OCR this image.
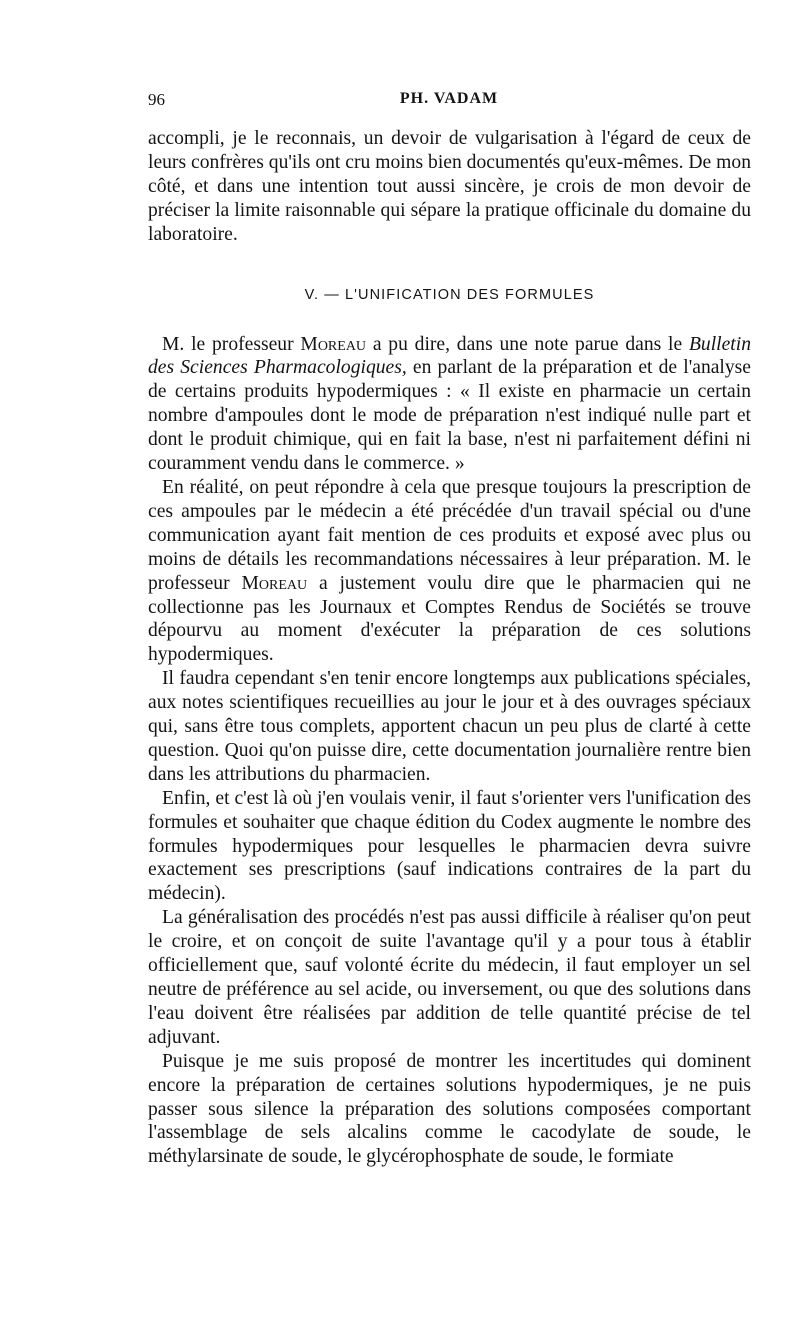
96	PH. VADAM

accompli, je le reconnais, un devoir de vulgarisation à l'égard de ceux de leurs confrères qu'ils ont cru moins bien documentés qu'eux-mêmes. De mon côté, et dans une intention tout aussi sincère, je crois de mon devoir de préciser la limite raisonnable qui sépare la pratique officinale du domaine du laboratoire.

V. — L'UNIFICATION DES FORMULES

M. le professeur Moreau a pu dire, dans une note parue dans le Bulletin des Sciences Pharmacologiques, en parlant de la préparation et de l'analyse de certains produits hypodermiques : « Il existe en pharmacie un certain nombre d'ampoules dont le mode de préparation n'est indiqué nulle part et dont le produit chimique, qui en fait la base, n'est ni parfaitement défini ni couramment vendu dans le commerce. »

En réalité, on peut répondre à cela que presque toujours la prescription de ces ampoules par le médecin a été précédée d'un travail spécial ou d'une communication ayant fait mention de ces produits et exposé avec plus ou moins de détails les recommandations nécessaires à leur préparation. M. le professeur Moreau a justement voulu dire que le pharmacien qui ne collectionne pas les Journaux et Comptes Rendus de Sociétés se trouve dépourvu au moment d'exécuter la préparation de ces solutions hypodermiques.

Il faudra cependant s'en tenir encore longtemps aux publications spéciales, aux notes scientifiques recueillies au jour le jour et à des ouvrages spéciaux qui, sans être tous complets, apportent chacun un peu plus de clarté à cette question. Quoi qu'on puisse dire, cette documentation journalière rentre bien dans les attributions du pharmacien.

Enfin, et c'est là où j'en voulais venir, il faut s'orienter vers l'unification des formules et souhaiter que chaque édition du Codex augmente le nombre des formules hypodermiques pour lesquelles le pharmacien devra suivre exactement ses prescriptions (sauf indications contraires de la part du médecin).

La généralisation des procédés n'est pas aussi difficile à réaliser qu'on peut le croire, et on conçoit de suite l'avantage qu'il y a pour tous à établir officiellement que, sauf volonté écrite du médecin, il faut employer un sel neutre de préférence au sel acide, ou inversement, ou que des solutions dans l'eau doivent être réalisées par addition de telle quantité précise de tel adjuvant.

Puisque je me suis proposé de montrer les incertitudes qui dominent encore la préparation de certaines solutions hypodermiques, je ne puis passer sous silence la préparation des solutions composées comportant l'assemblage de sels alcalins comme le cacodylate de soude, le méthylarsinate de soude, le glycérophosphate de soude, le formiate
